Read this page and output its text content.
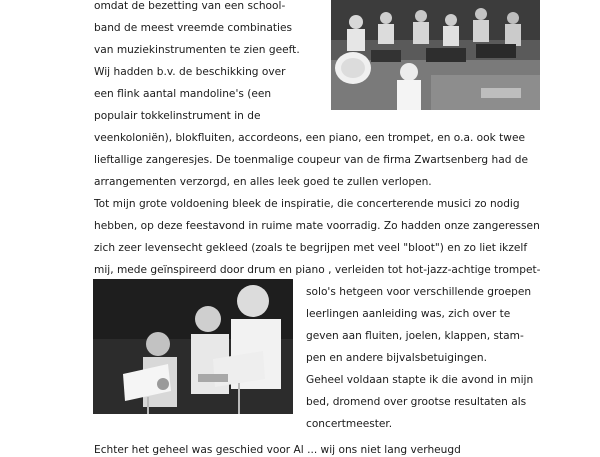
omdat de bezetting van een school-
band de meest vreemde combinaties
van muziekinstrumenten te zien geeft.
Wij hadden b.v. de beschikking over
een flink aantal mandoline's (een
populair tokkelinstrument in de
veenkoloniën), blokfluiten, accordeons, een piano, een trompet, en o.a. ook twee
lieftallige zangeresjes. De toenmalige coupeur van de firma Zwartsenberg had de
arrangementen verzorgd, en alles leek goed te zullen verlopen.
Tot mijn grote voldoening bleek de inspiratie, die concerterende musici zo nodig
hebben, op deze feestavond in ruime mate voorradig. Zo hadden onze zangeressen
zich zeer levensecht gekleed (zoals te begrijpen met veel "bloot") en zo liet ikzelf
mij, mede geïnspireerd door drum en piano , verleiden tot hot-jazz-achtige trompet-
solo's hetgeen voor verschillende groepen
leerlingen aanleiding was, zich over te
geven aan fluiten, joelen, klappen, stam-
pen en andere bijvalsbetuigingen.
Geheel voldaan stapte ik die avond in mijn
bed, dromend over grootse resultaten als
concertmeester.
Echter het geheel was geschied voor Al ... wij ons niet lang verheugd
